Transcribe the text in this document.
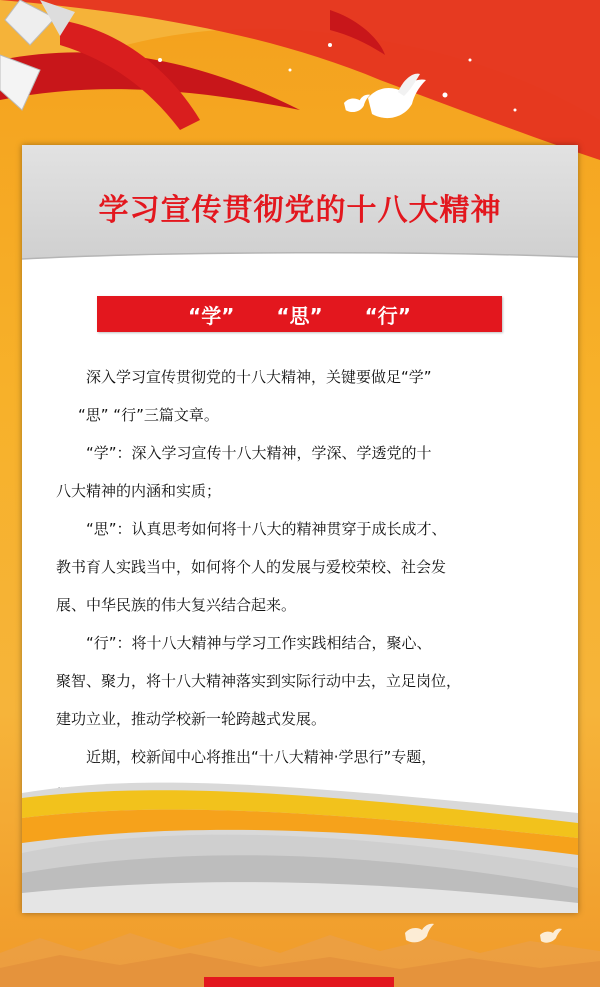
学习宣传贯彻党的十八大精神
“学” “思” “行”

深入学习宣传贯彻党的十八大精神，关键要做足“学”

“思” “行”三篇文章。

“学”：深入学习宣传十八大精神，学深、学透党的十

八大精神的内涵和实质；

“思”：认真思考如何将十八大的精神贯穿于成长成才、

教书育人实践当中，如何将个人的发展与爱校荣校、社会发

展、中华民族的伟大复兴结合起来。

“行”：将十八大精神与学习工作实践相结合，聚心、

聚智、聚力，将十八大精神落实到实际行动中去，立足岗位，

建功立业，推动学校新一轮跨越式发展。

近期，校新闻中心将推出“十八大精神·学思行”专题，
